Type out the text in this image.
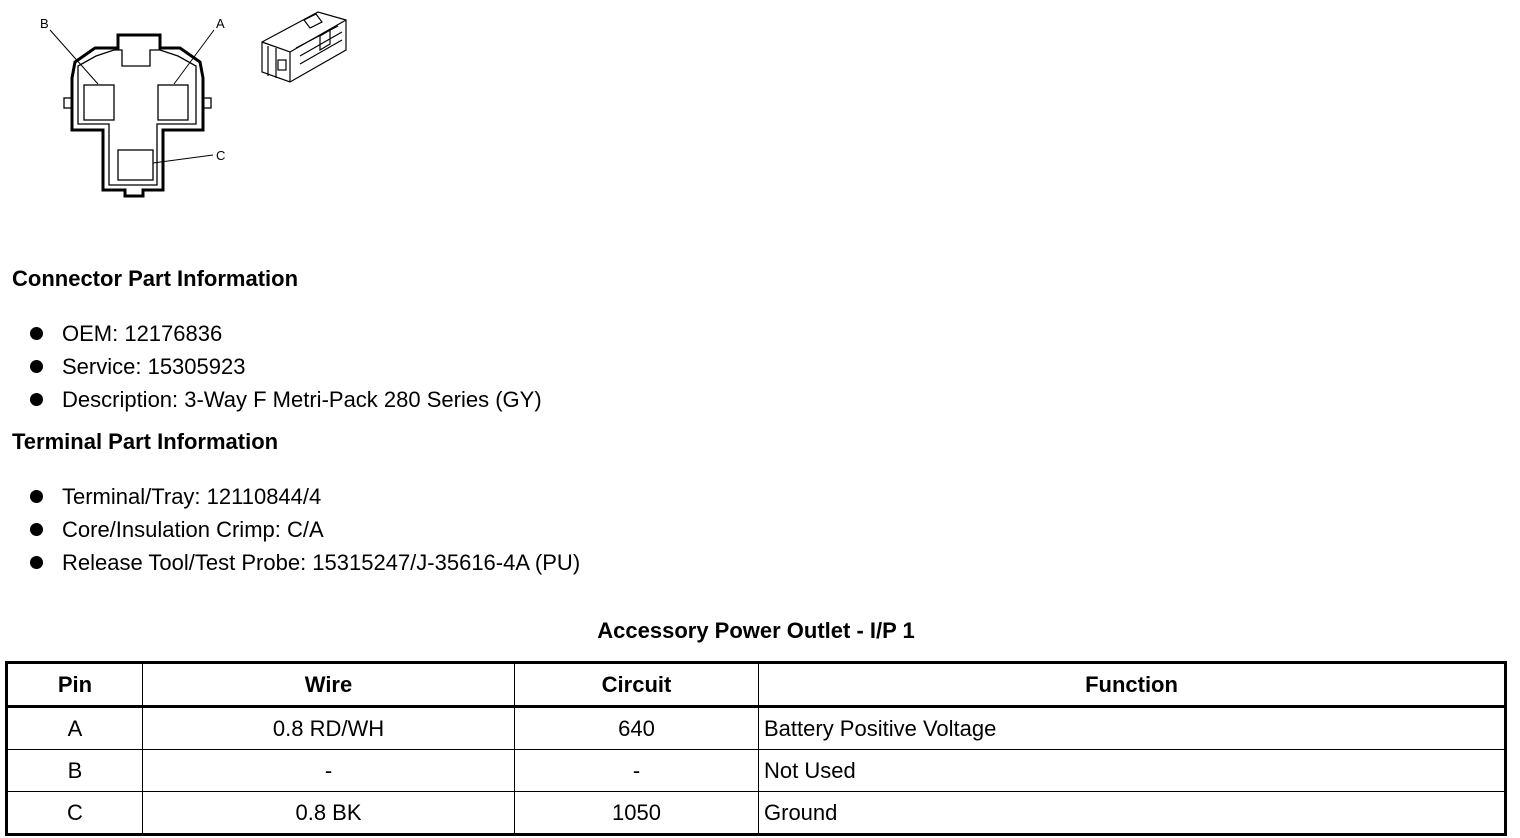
B	A
C
Connector Part Information
OEM: 12176836
Service: 15305923
Description: 3-Way F Metri-Pack 280 Series (GY)
Terminal Part Information
Terminal/Tray: 12110844/4
Core/Insulation Crimp: C/A
Release Tool/Test Probe: 15315247/J-35616-4A (PU)
Accessory Power Outlet - I/P 1
Pin	Wire	Circuit	Function
A	0.8 RD/WH	640	Battery Positive Voltage
B	-	-	Not Used
C	0.8 BK	1050	Ground
